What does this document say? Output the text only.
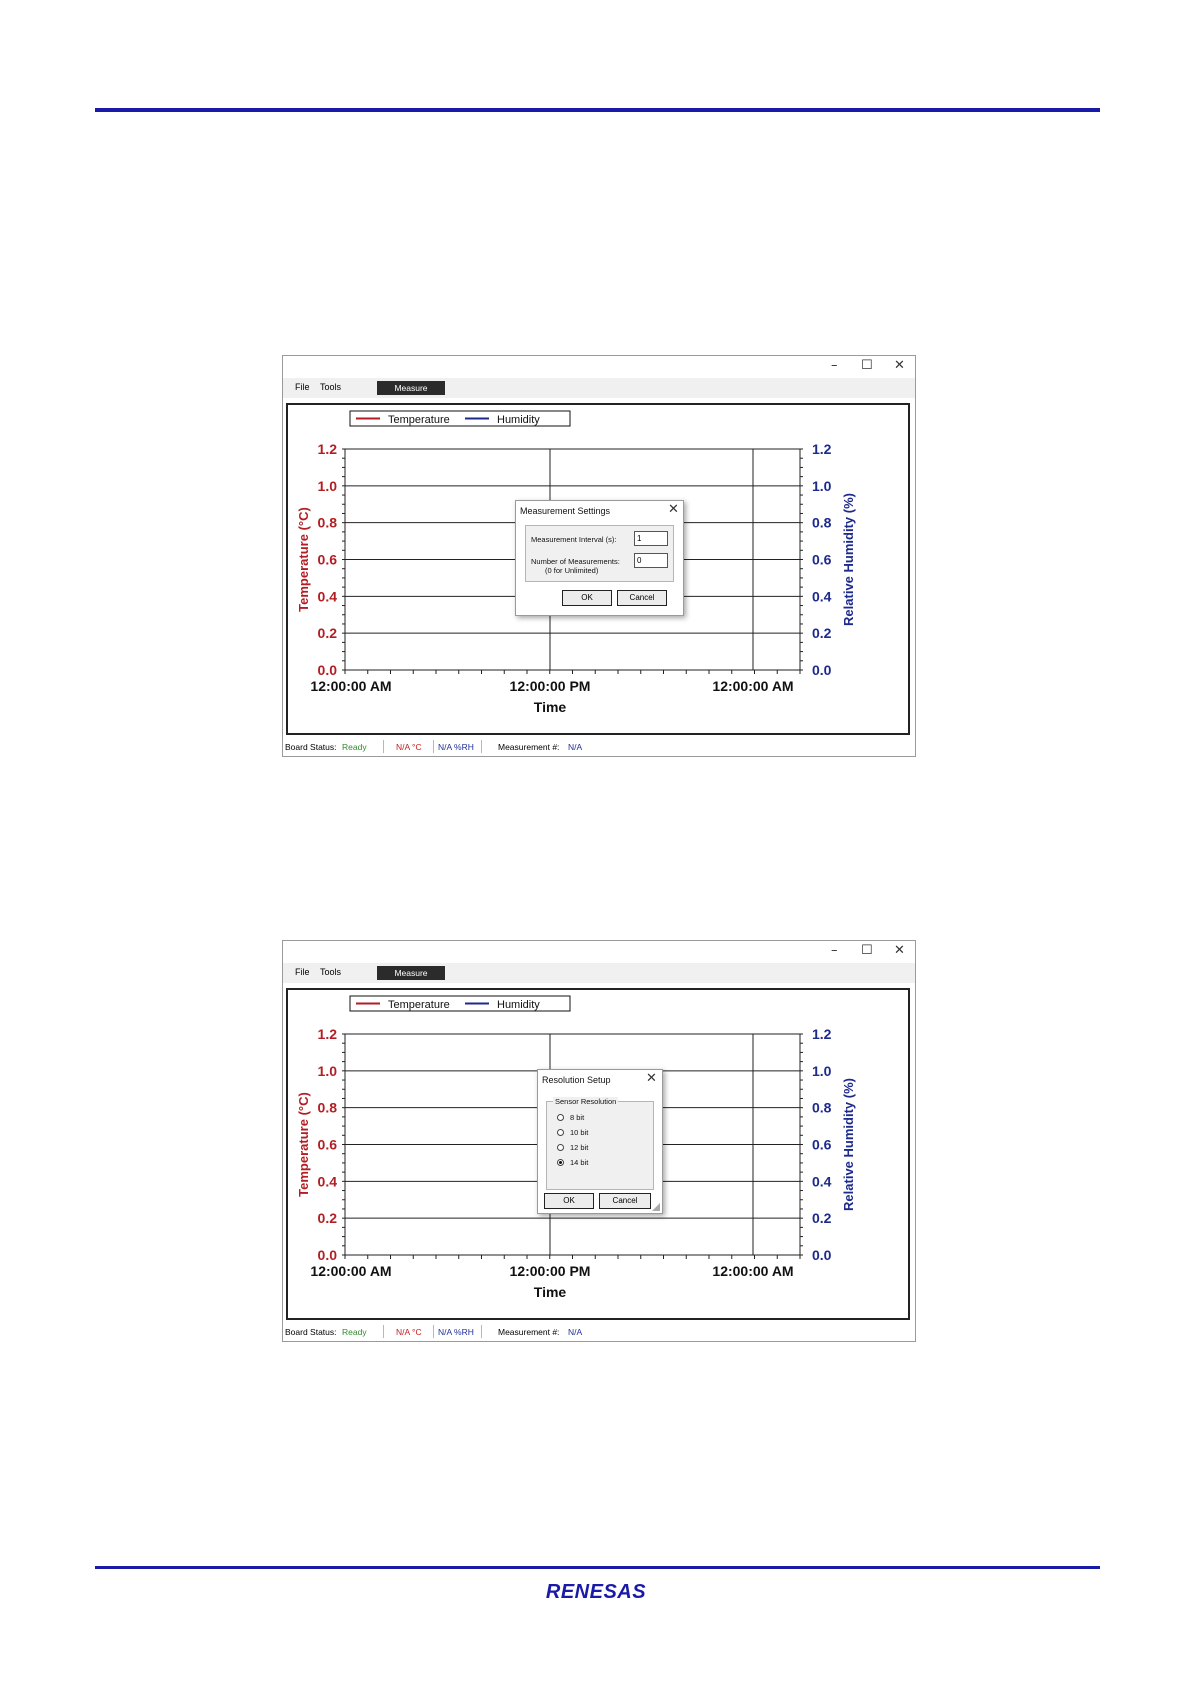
– ☐ ✕
File Tools	Measure
0.0	0.0
0.2	0.2
0.4	0.4
0.6	0.6
0.8	0.8
1.0	1.0
1.2	1.2
12:00:00 AM	12:00:00 PM	12:00:00 AM
Time
Temperature (°C)	Relative Humidity (%)
Temperature	Humidity
Board Status: Ready	N/A °C N/A %RH	Measurement #: N/A
Measurement Settings	✕
Measurement Interval (s):	1
Number of Measurements:
(0 for Unlimited)
0
OK	Cancel
– ☐ ✕
File Tools	Measure
0.0	0.0
0.2	0.2
0.4	0.4
0.6	0.6
0.8	0.8
1.0	1.0
1.2	1.2
12:00:00 AM	12:00:00 PM	12:00:00 AM
Time
Temperature (°C)	Relative Humidity (%)
Temperature	Humidity
Board Status: Ready	N/A °C N/A %RH	Measurement #: N/A
Resolution Setup	✕
Sensor Resolution
8 bit
10 bit
12 bit
14 bit
OK	Cancel
RENESAS
